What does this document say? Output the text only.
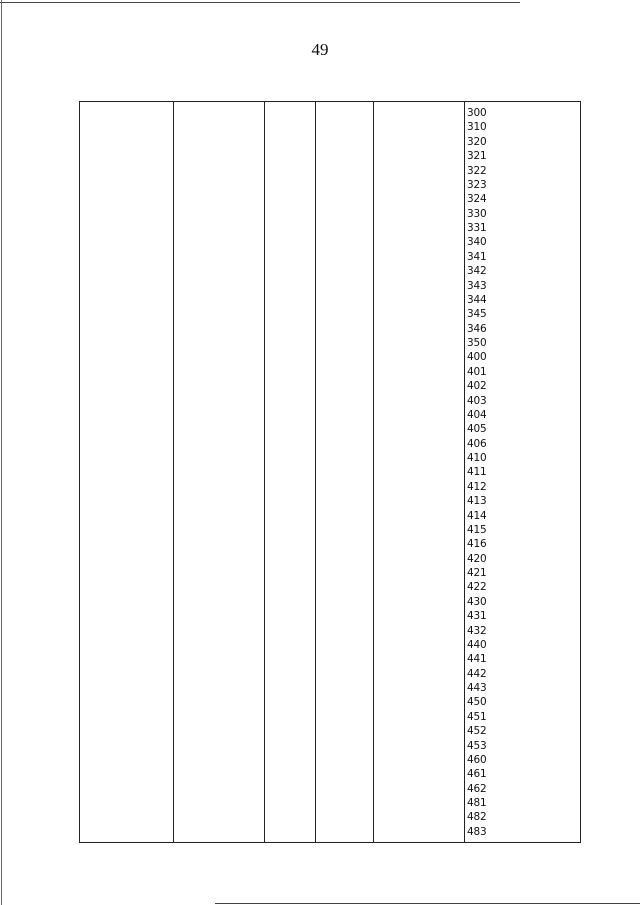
49
300
310
320
321
322
323
324
330
331
340
341
342
343
344
345
346
350
400
401
402
403
404
405
406
410
411
412
413
414
415
416
420
421
422
430
431
432
440
441
442
443
450
451
452
453
460
461
462
481
482
483
